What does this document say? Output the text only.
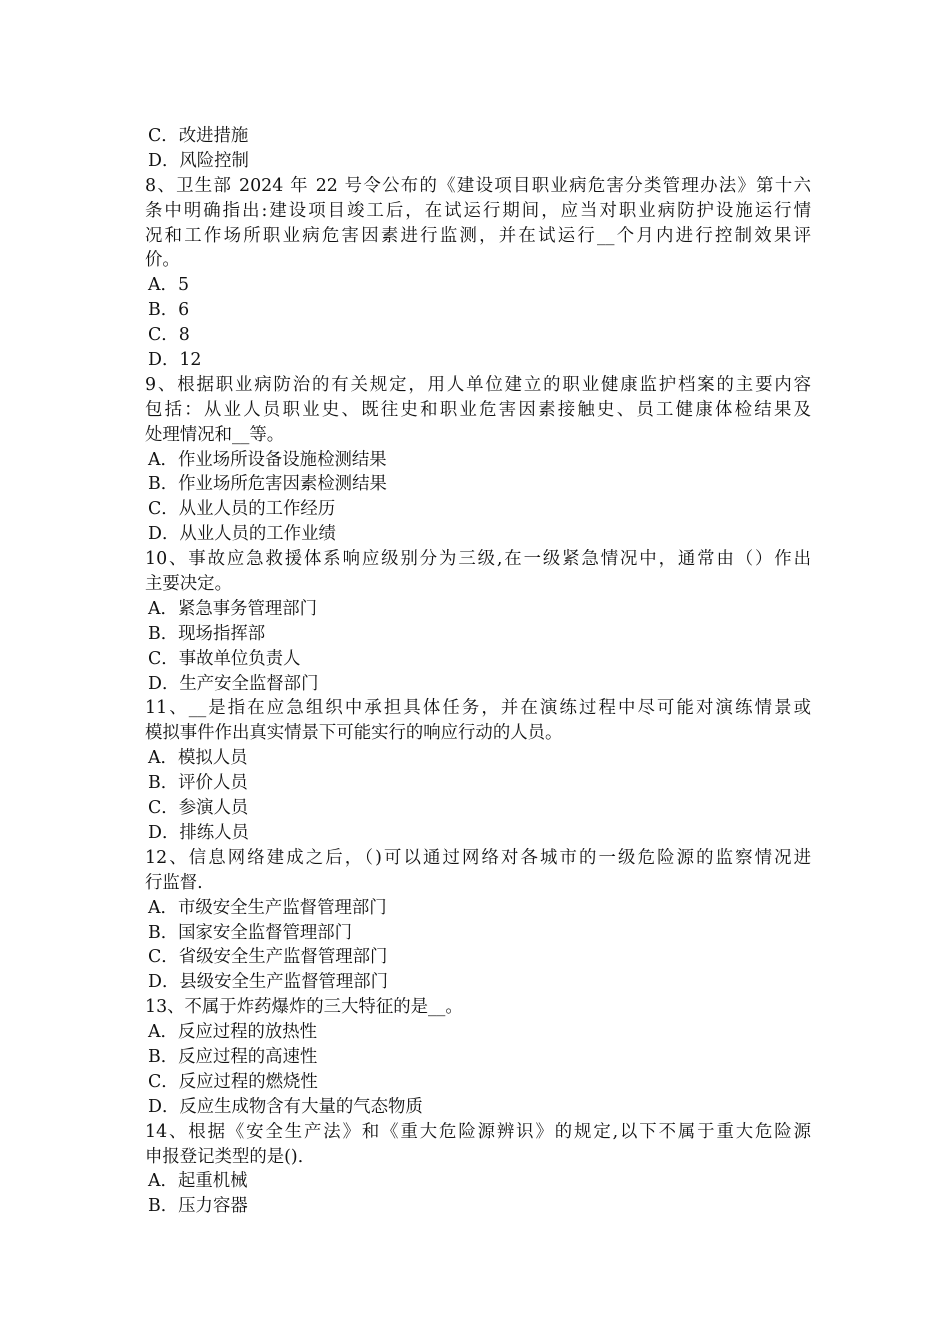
C．改进措施
D．风险控制
8、卫生部 2024 年 22 号令公布的《建设项目职业病危害分类管理办法》第十六
条中明确指出:建设项目竣工后，在试运行期间，应当对职业病防护设施运行情
况和工作场所职业病危害因素进行监测，并在试运行__个月内进行控制效果评
价。
A．5
B．6
C．8
D．12
9、根据职业病防治的有关规定，用人单位建立的职业健康监护档案的主要内容
包括：从业人员职业史、既往史和职业危害因素接触史、员工健康体检结果及
处理情况和__等。
A．作业场所设备设施检测结果
B．作业场所危害因素检测结果
C．从业人员的工作经历
D．从业人员的工作业绩
10、事故应急救援体系响应级别分为三级,在一级紧急情况中，通常由（）作出
主要决定。
A．紧急事务管理部门
B．现场指挥部
C．事故单位负责人
D．生产安全监督部门
11、__是指在应急组织中承担具体任务，并在演练过程中尽可能对演练情景或
模拟事件作出真实情景下可能实行的响应行动的人员。
A．模拟人员
B．评价人员
C．参演人员
D．排练人员
12、信息网络建成之后，（)可以通过网络对各城市的一级危险源的监察情况进
行监督.
A．市级安全生产监督管理部门
B．国家安全监督管理部门
C．省级安全生产监督管理部门
D．县级安全生产监督管理部门
13、不属于炸药爆炸的三大特征的是__。
A．反应过程的放热性
B．反应过程的高速性
C．反应过程的燃烧性
D．反应生成物含有大量的气态物质
14、根据《安全生产法》和《重大危险源辨识》的规定,以下不属于重大危险源
申报登记类型的是()．
A．起重机械
B．压力容器
